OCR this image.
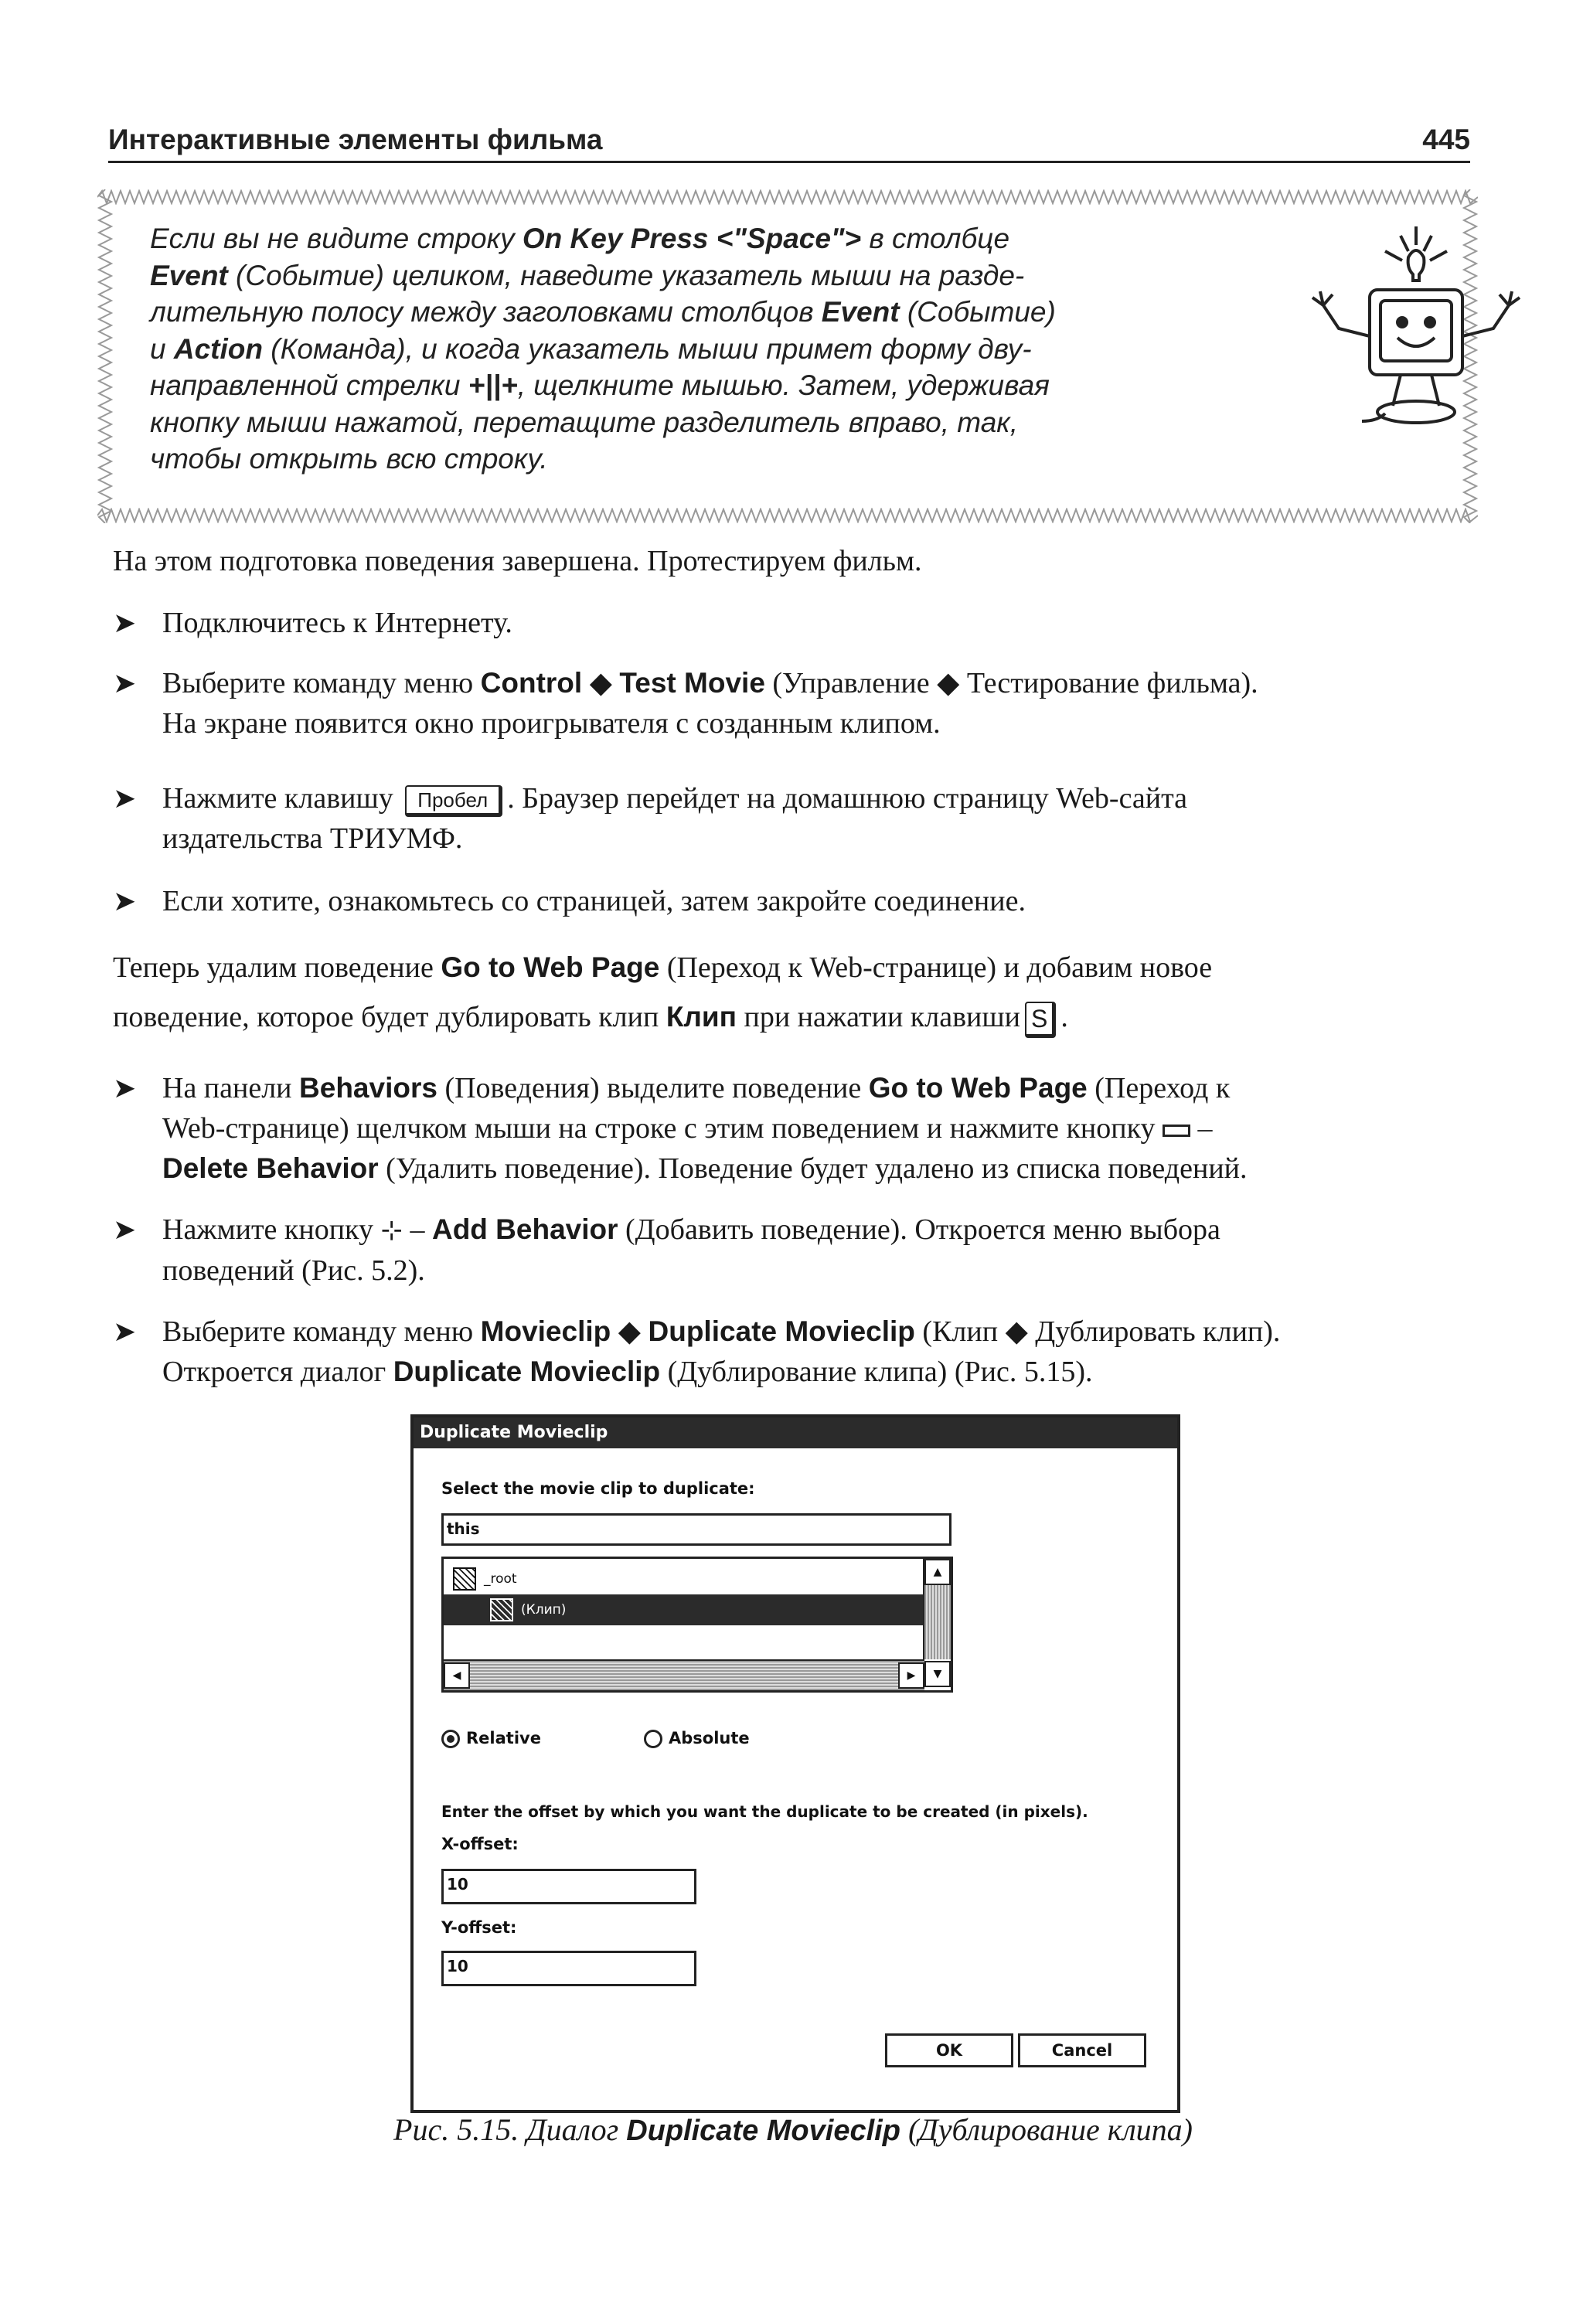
Интерактивные элементы фильма	445
Если вы не видите строку On Key Press <"Space"> в столбце
Event (Событие) целиком, наведите указатель мыши на разде-
лительную полосу между заголовками столбцов Event (Событие)
и Action (Команда), и когда указатель мыши примет форму дву-
направленной стрелки +||+, щелкните мышью. Затем, удерживая
кнопку мыши нажатой, перетащите разделитель вправо, так,
чтобы открыть всю строку.
На этом подготовка поведения завершена. Протестируем фильм.
➤ Подключитесь к Интернету.
➤ Выберите команду меню Control ◆ Test Movie (Управление ◆ Тестирование фильма).
На экране появится окно проигрывателя с созданным клипом.
➤ Нажмите клавишу Пробел . Браузер перейдет на домашнюю страницу Web-сайта
издательства ТРИУМФ.
➤ Если хотите, ознакомьтесь со страницей, затем закройте соединение.
Теперь удалим поведение Go to Web Page (Переход к Web-странице) и добавим новое
поведение, которое будет дублировать клип Клип при нажатии клавиши S .
➤ На панели Behaviors (Поведения) выделите поведение Go to Web Page (Переход к
Web-странице) щелчком мыши на строке с этим поведением и нажмите кнопку  –
Delete Behavior (Удалить поведение). Поведение будет удалено из списка поведений.
➤ Нажмите кнопку ⊹ – Add Behavior (Добавить поведение). Откроется меню выбора
поведений (Рис. 5.2).
➤ Выберите команду меню Movieclip ◆ Duplicate Movieclip (Клип ◆ Дублировать клип).
Откроется диалог Duplicate Movieclip (Дублирование клипа) (Рис. 5.15).
Duplicate Movieclip
Select the movie clip to duplicate:
this
_root
(Клип)
▲
▼
◀	▶
Relative	Absolute
Enter the offset by which you want the duplicate to be created (in pixels).
X-offset:
10
Y-offset:
10
OK	Cancel
Рис. 5.15. Диалог Duplicate Movieclip (Дублирование клипа)
